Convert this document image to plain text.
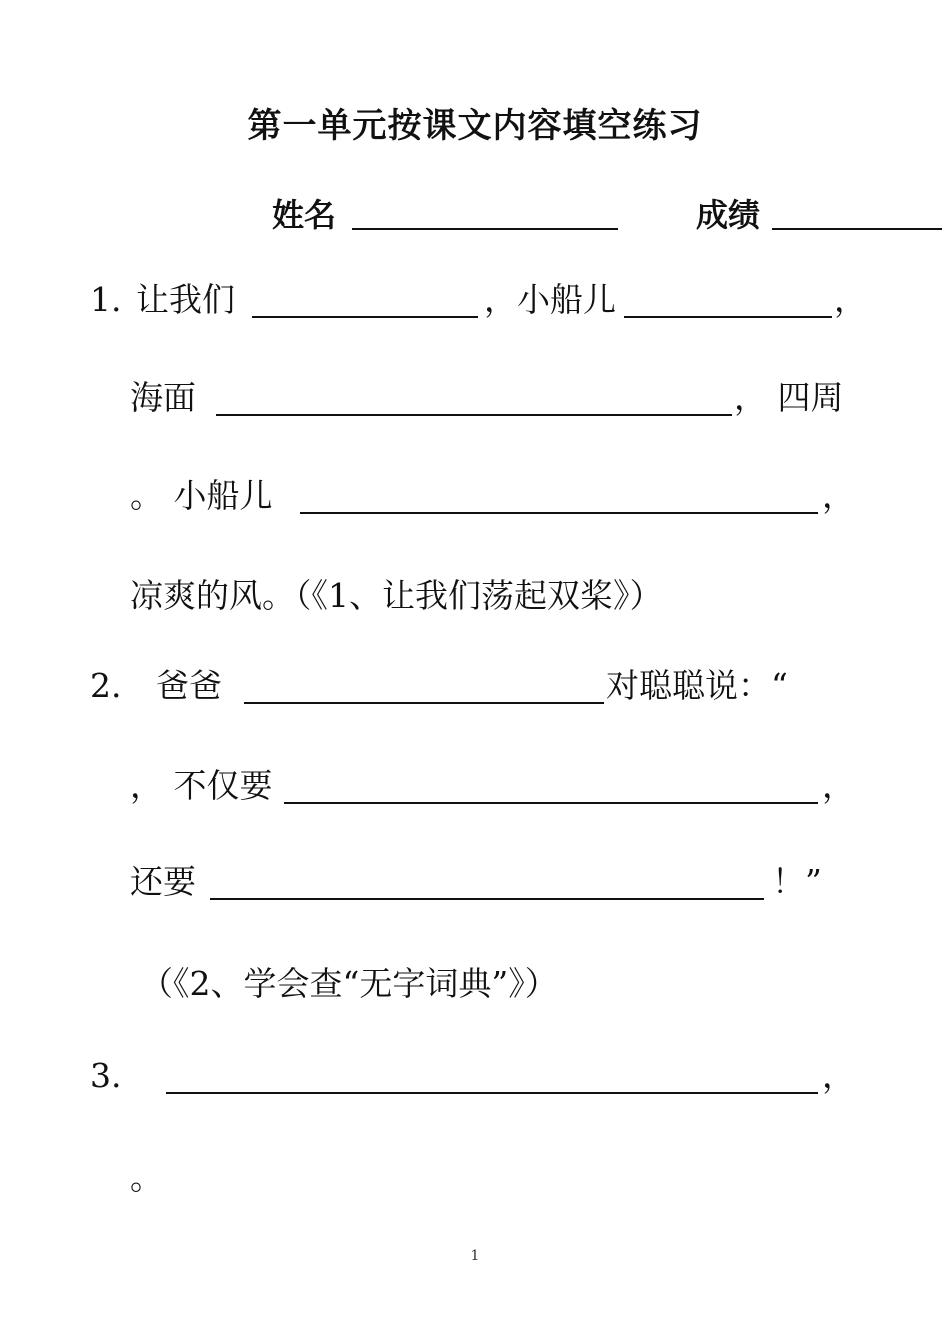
第一单元按课文内容填空练习
姓名	成绩
1. 让我们	，小船儿	，
海面	， 四周
。 小船儿	，
凉爽的风。（《1、让我们荡起双桨》）
2. 爸爸	对聪聪说：“
， 不仅要	，
还要	！”
（《2、学会查“无字词典”》）
3.	，
。
1
